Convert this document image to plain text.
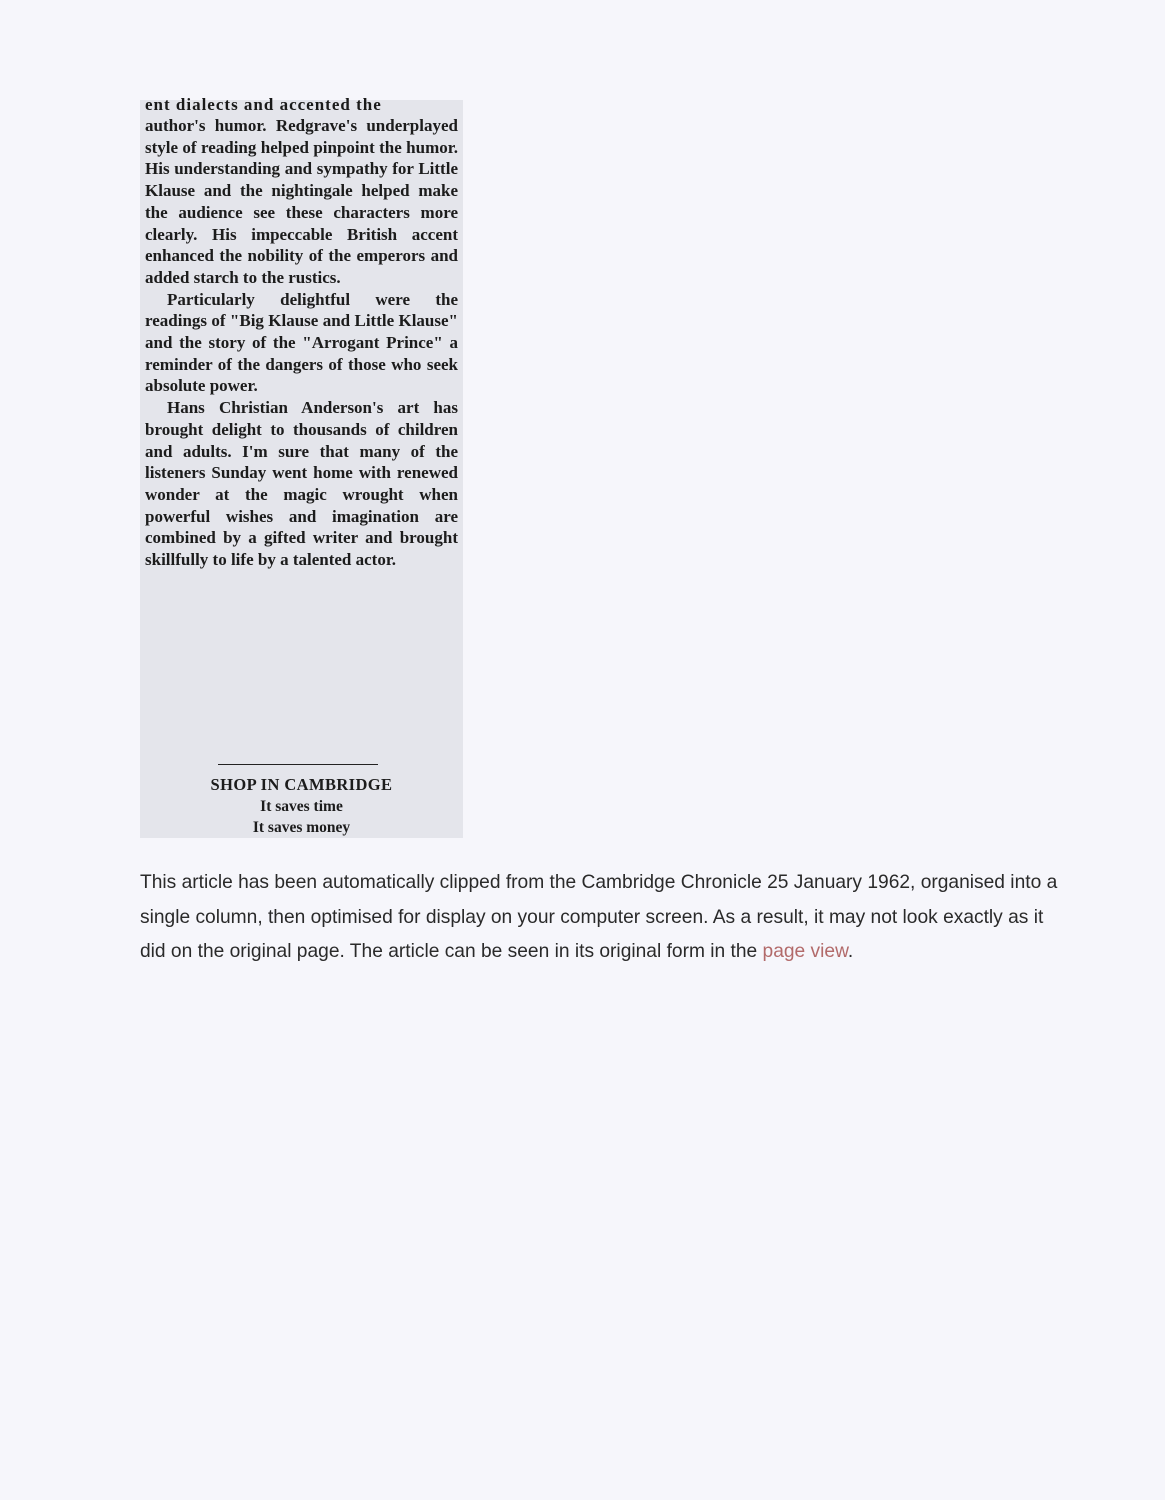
ent dialects and accented the

author's humor. Redgrave's underplayed style of reading helped pinpoint the humor. His understanding and sympathy for Little Klause and the nightingale helped make the audience see these characters more clearly. His impeccable British accent enhanced the nobility of the emperors and added starch to the rustics.

Particularly delightful were the readings of "Big Klause and Little Klause" and the story of the "Arrogant Prince" a reminder of the dangers of those who seek absolute power.

Hans Christian Anderson's art has brought delight to thousands of children and adults. I'm sure that many of the listeners Sunday went home with renewed wonder at the magic wrought when powerful wishes and imagination are combined by a gifted writer and brought skillfully to life by a talented actor.

SHOP IN CAMBRIDGE
It saves time
It saves money

This article has been automatically clipped from the Cambridge Chronicle 25 January 1962, organised into a single column, then optimised for display on your computer screen. As a result, it may not look exactly as it did on the original page. The article can be seen in its original form in the page view.
